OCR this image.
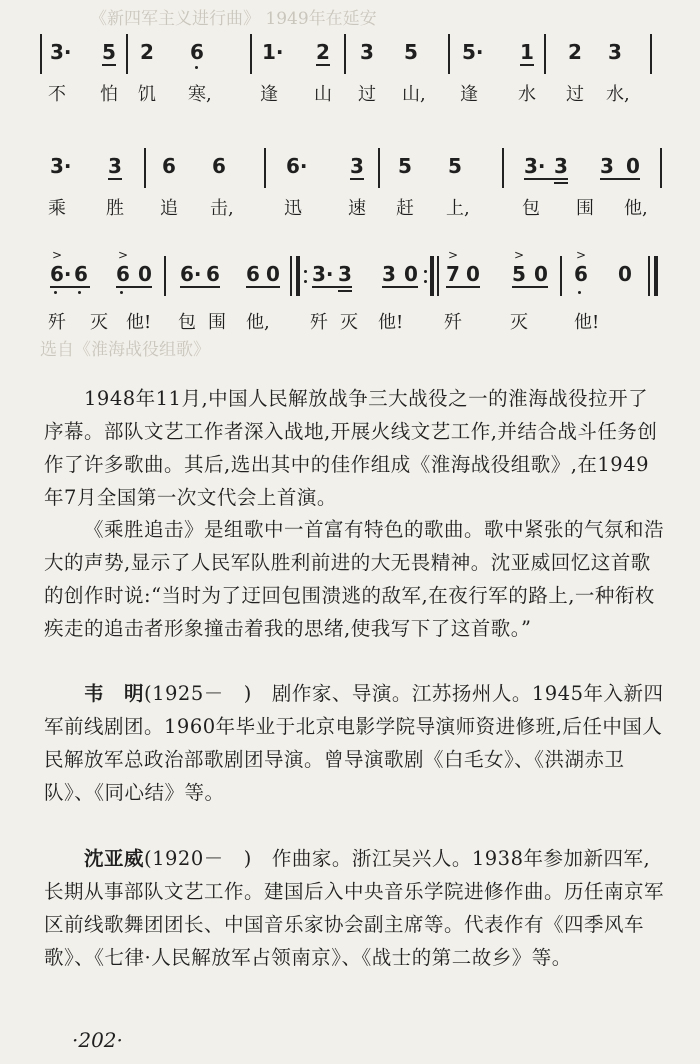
《新四军主义进行曲》 1949年在延安
选自《淮海战役组歌》
3· 5 2 6	1· 2 3 5 5· 1 2 3
不 怕 饥 寒,	逢 山 过 山, 逢 水 过 水,
3· 3 6 6	6· 3 5 5	3· 3 3 0
乘 胜 追 击,	迅	速 赶 上,	包 围 他,
>
6· 6
>
6 0 6· 6 6 0 3· 3 3 0
>
7 0
>
5 0
>
6 0
歼 灭 他! 包 围 他, 歼 灭 他! 歼	灭	他!
1948年11月,中国人民解放战争三大战役之一的淮海战役拉开了序幕。部队文艺工作者深入战地,开展火线文艺工作,并结合战斗任务创作了许多歌曲。其后,选出其中的佳作组成《淮海战役组歌》,在1949年7月全国第一次文代会上首演。
《乘胜追击》是组歌中一首富有特色的歌曲。歌中紧张的气氛和浩大的声势,显示了人民军队胜利前进的大无畏精神。沈亚威回忆这首歌的创作时说:“当时为了迂回包围溃逃的敌军,在夜行军的路上,一种衔枚疾走的追击者形象撞击着我的思绪,使我写下了这首歌。”
韦　明(1925－　)　剧作家、导演。江苏扬州人。1945年入新四军前线剧团。1960年毕业于北京电影学院导演师资进修班,后任中国人民解放军总政治部歌剧团导演。曾导演歌剧《白毛女》、《洪湖赤卫队》、《同心结》等。
沈亚威(1920－　)　作曲家。浙江吴兴人。1938年参加新四军,长期从事部队文艺工作。建国后入中央音乐学院进修作曲。历任南京军区前线歌舞团团长、中国音乐家协会副主席等。代表作有《四季风车歌》、《七律·人民解放军占领南京》、《战士的第二故乡》等。
·202·
